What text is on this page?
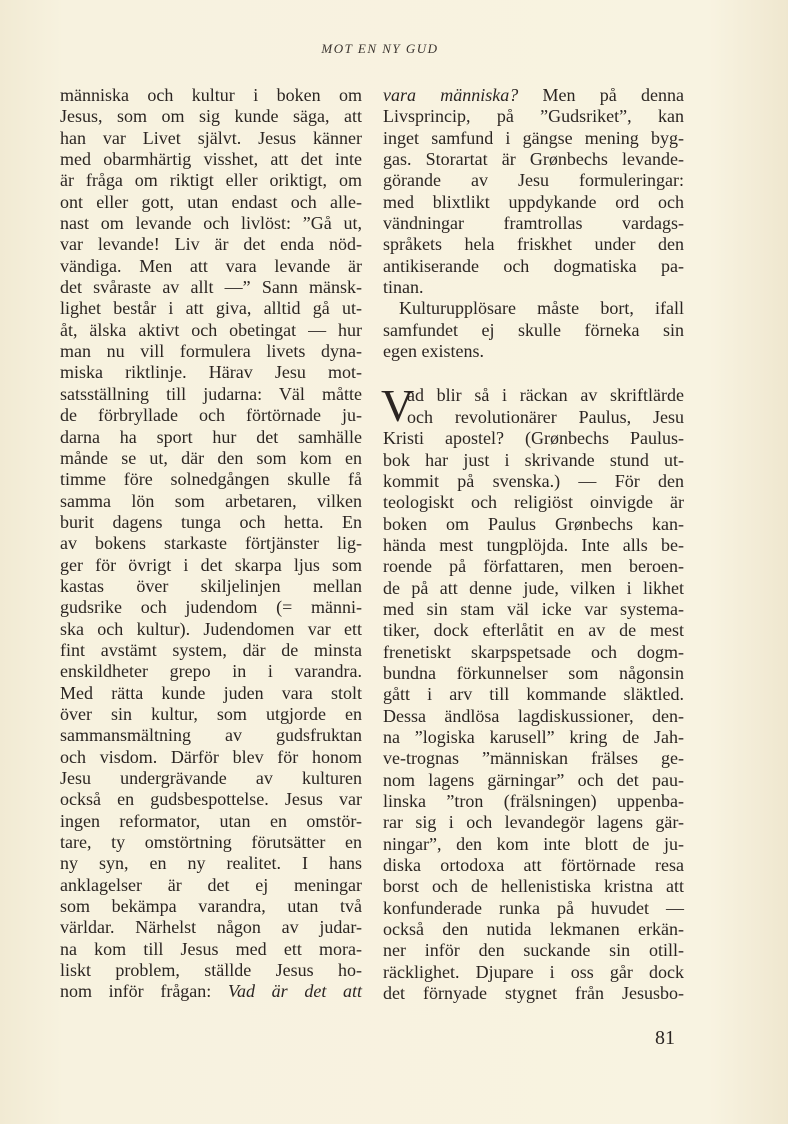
MOT EN NY GUD
människa och kultur i boken om
Jesus, som om sig kunde säga, att
han var Livet självt. Jesus känner
med obarmhärtig visshet, att det inte
är fråga om riktigt eller oriktigt, om
ont eller gott, utan endast och alle-
nast om levande och livlöst: ”Gå ut,
var levande! Liv är det enda nöd-
vändiga. Men att vara levande är
det svåraste av allt —” Sann mänsk-
lighet består i att giva, alltid gå ut-
åt, älska aktivt och obetingat — hur
man nu vill formulera livets dyna-
miska riktlinje. Härav Jesu mot-
satsställning till judarna: Väl måtte
de förbryllade och förtörnade ju-
darna ha sport hur det samhälle
månde se ut, där den som kom en
timme före solnedgången skulle få
samma lön som arbetaren, vilken
burit dagens tunga och hetta. En
av bokens starkaste förtjänster lig-
ger för övrigt i det skarpa ljus som
kastas över skiljelinjen mellan
gudsrike och judendom (= männi-
ska och kultur). Judendomen var ett
fint avstämt system, där de minsta
enskildheter grepo in i varandra.
Med rätta kunde juden vara stolt
över sin kultur, som utgjorde en
sammansmältning av gudsfruktan
och visdom. Därför blev för honom
Jesu undergrävande av kulturen
också en gudsbespottelse. Jesus var
ingen reformator, utan en omstör-
tare, ty omstörtning förutsätter en
ny syn, en ny realitet. I hans
anklagelser är det ej meningar
som bekämpa varandra, utan två
världar. Närhelst någon av judar-
na kom till Jesus med ett mora-
liskt problem, ställde Jesus ho-
nom inför frågan: Vad är det att
vara människa? Men på denna
Livsprincip, på ”Gudsriket”, kan
inget samfund i gängse mening byg-
gas. Storartat är Grønbechs levande-
görande av Jesu formuleringar:
med blixtlikt uppdykande ord och
vändningar framtrollas vardags-
språkets hela friskhet under den
antikiserande och dogmatiska pa-
tinan.
Kulturupplösare måste bort, ifall
samfundet ej skulle förneka sin
egen existens.
V
ad blir så i räckan av skriftlärde
och revolutionärer Paulus, Jesu
Kristi apostel? (Grønbechs Paulus-
bok har just i skrivande stund ut-
kommit på svenska.) — För den
teologiskt och religiöst oinvigde är
boken om Paulus Grønbechs kan-
hända mest tungplöjda. Inte alls be-
roende på författaren, men beroen-
de på att denne jude, vilken i likhet
med sin stam väl icke var systema-
tiker, dock efterlåtit en av de mest
frenetiskt skarpspetsade och dogm-
bundna förkunnelser som någonsin
gått i arv till kommande släktled.
Dessa ändlösa lagdiskussioner, den-
na ”logiska karusell” kring de Jah-
ve-trognas ”människan frälses ge-
nom lagens gärningar” och det pau-
linska ”tron (frälsningen) uppenba-
rar sig i och levandegör lagens gär-
ningar”, den kom inte blott de ju-
diska ortodoxa att förtörnade resa
borst och de hellenistiska kristna att
konfunderade runka på huvudet —
också den nutida lekmanen erkän-
ner inför den suckande sin otill-
räcklighet. Djupare i oss går dock
det förnyade stygnet från Jesusbo-
81
